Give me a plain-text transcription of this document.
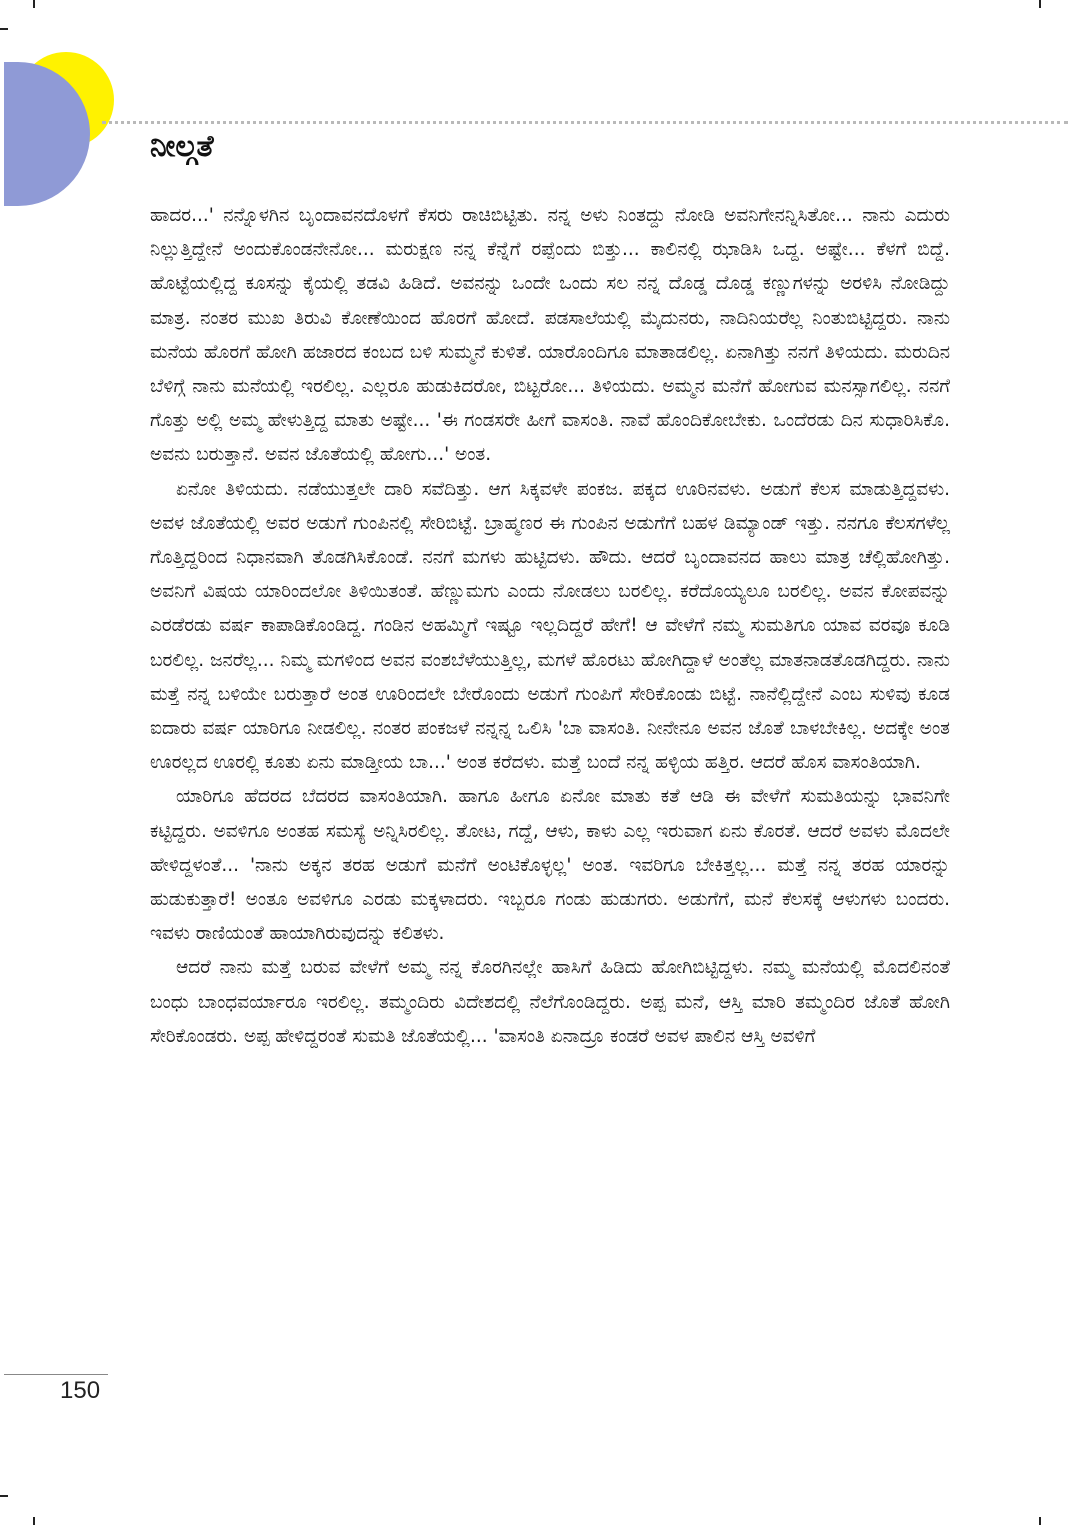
ನೀಲ್ಗತೆ

ಹಾದರ...' ನನ್ನೊಳಗಿನ ಬೃಂದಾವನದೊಳಗೆ ಕೆಸರು ರಾಚಿಬಿಟ್ಟಿತು. ನನ್ನ ಅಳು ನಿಂತದ್ದು ನೋಡಿ ಅವನಿಗೇನನ್ನಿಸಿತೋ... ನಾನು ಎದುರು ನಿಲ್ಲುತ್ತಿದ್ದೇನೆ ಅಂದುಕೊಂಡನೇನೋ... ಮರುಕ್ಷಣ ನನ್ನ ಕೆನ್ನೆಗೆ ರಪ್ಪೆಂದು ಬಿತ್ತು... ಕಾಲಿನಲ್ಲಿ ಝಾಡಿಸಿ ಒದ್ದ. ಅಷ್ಟೇ... ಕೆಳಗೆ ಬಿದ್ದೆ. ಹೊಟ್ಟೆಯಲ್ಲಿದ್ದ ಕೂಸನ್ನು ಕೈಯಲ್ಲಿ ತಡವಿ ಹಿಡಿದೆ. ಅವನನ್ನು ಒಂದೇ ಒಂದು ಸಲ ನನ್ನ ದೊಡ್ಡ ದೊಡ್ಡ ಕಣ್ಣುಗಳನ್ನು ಅರಳಿಸಿ ನೋಡಿದ್ದು ಮಾತ್ರ. ನಂತರ ಮುಖ ತಿರುವಿ ಕೋಣೆಯಿಂದ ಹೊರಗೆ ಹೋದೆ. ಪಡಸಾಲೆಯಲ್ಲಿ ಮೈದುನರು, ನಾದಿನಿಯರೆಲ್ಲ ನಿಂತುಬಿಟ್ಟಿದ್ದರು. ನಾನು ಮನೆಯ ಹೊರಗೆ ಹೋಗಿ ಹಜಾರದ ಕಂಬದ ಬಳಿ ಸುಮ್ಮನೆ ಕುಳಿತೆ. ಯಾರೊಂದಿಗೂ ಮಾತಾಡಲಿಲ್ಲ. ಏನಾಗಿತ್ತು ನನಗೆ ತಿಳಿಯದು. ಮರುದಿನ ಬೆಳಿಗ್ಗೆ ನಾನು ಮನೆಯಲ್ಲಿ ಇರಲಿಲ್ಲ. ಎಲ್ಲರೂ ಹುಡುಕಿದರೋ, ಬಿಟ್ಟರೋ... ತಿಳಿಯದು. ಅಮ್ಮನ ಮನೆಗೆ ಹೋಗುವ ಮನಸ್ಸಾಗಲಿಲ್ಲ. ನನಗೆ ಗೊತ್ತು ಅಲ್ಲಿ ಅಮ್ಮ ಹೇಳುತ್ತಿದ್ದ ಮಾತು ಅಷ್ಟೇ... 'ಈ ಗಂಡಸರೇ ಹೀಗೆ ವಾಸಂತಿ. ನಾವೆ ಹೊಂದಿಕೋಬೇಕು. ಒಂದೆರಡು ದಿನ ಸುಧಾರಿಸಿಕೊ. ಅವನು ಬರುತ್ತಾನೆ. ಅವನ ಜೊತೆಯಲ್ಲಿ ಹೋಗು...' ಅಂತ.

ಏನೋ ತಿಳಿಯದು. ನಡೆಯುತ್ತಲೇ ದಾರಿ ಸವೆದಿತ್ತು. ಆಗ ಸಿಕ್ಕವಳೇ ಪಂಕಜ. ಪಕ್ಕದ ಊರಿನವಳು. ಅಡುಗೆ ಕೆಲಸ ಮಾಡುತ್ತಿದ್ದವಳು. ಅವಳ ಜೊತೆಯಲ್ಲಿ ಅವರ ಅಡುಗೆ ಗುಂಪಿನಲ್ಲಿ ಸೇರಿಬಿಟ್ಟೆ. ಬ್ರಾಹ್ಮಣರ ಈ ಗುಂಪಿನ ಅಡುಗೆಗೆ ಬಹಳ ಡಿಮ್ಯಾಂಡ್ ಇತ್ತು. ನನಗೂ ಕೆಲಸಗಳೆಲ್ಲ ಗೊತ್ತಿದ್ದರಿಂದ ನಿಧಾನವಾಗಿ ತೊಡಗಿಸಿಕೊಂಡೆ. ನನಗೆ ಮಗಳು ಹುಟ್ಟಿದಳು. ಹೌದು. ಆದರೆ ಬೃಂದಾವನದ ಹಾಲು ಮಾತ್ರ ಚೆಲ್ಲಿಹೋಗಿತ್ತು. ಅವನಿಗೆ ವಿಷಯ ಯಾರಿಂದಲೋ ತಿಳಿಯಿತಂತೆ. ಹೆಣ್ಣುಮಗು ಎಂದು ನೋಡಲು ಬರಲಿಲ್ಲ. ಕರೆದೊಯ್ಯಲೂ ಬರಲಿಲ್ಲ. ಅವನ ಕೋಪವನ್ನು ಎರಡೆರಡು ವರ್ಷ ಕಾಪಾಡಿಕೊಂಡಿದ್ದ. ಗಂಡಿನ ಅಹಮ್ಮಿಗೆ ಇಷ್ಟೂ ಇಲ್ಲದಿದ್ದರೆ ಹೇಗೆ! ಆ ವೇಳೆಗೆ ನಮ್ಮ ಸುಮತಿಗೂ ಯಾವ ವರವೂ ಕೂಡಿ ಬರಲಿಲ್ಲ. ಜನರೆಲ್ಲ... ನಿಮ್ಮ ಮಗಳಿಂದ ಅವನ ವಂಶಬೆಳೆಯುತ್ತಿಲ್ಲ, ಮಗಳೆ ಹೊರಟು ಹೋಗಿದ್ದಾಳೆ ಅಂತೆಲ್ಲ ಮಾತನಾಡತೊಡಗಿದ್ದರು. ನಾನು ಮತ್ತೆ ನನ್ನ ಬಳಿಯೇ ಬರುತ್ತಾರೆ ಅಂತ ಊರಿಂದಲೇ ಬೇರೊಂದು ಅಡುಗೆ ಗುಂಪಿಗೆ ಸೇರಿಕೊಂಡು ಬಿಟ್ಟೆ. ನಾನೆಲ್ಲಿದ್ದೇನೆ ಎಂಬ ಸುಳಿವು ಕೂಡ ಐದಾರು ವರ್ಷ ಯಾರಿಗೂ ನೀಡಲಿಲ್ಲ. ನಂತರ ಪಂಕಜಳೆ ನನ್ನನ್ನ ಒಲಿಸಿ 'ಬಾ ವಾಸಂತಿ. ನೀನೇನೂ ಅವನ ಜೊತೆ ಬಾಳಬೇಕಿಲ್ಲ. ಅದಕ್ಕೇ ಅಂತ ಊರಲ್ಲದ ಊರಲ್ಲಿ ಕೂತು ಏನು ಮಾಡ್ತೀಯ ಬಾ...' ಅಂತ ಕರೆದಳು. ಮತ್ತೆ ಬಂದೆ ನನ್ನ ಹಳ್ಳಿಯ ಹತ್ತಿರ. ಆದರೆ ಹೊಸ ವಾಸಂತಿಯಾಗಿ.

ಯಾರಿಗೂ ಹೆದರದ ಬೆದರದ ವಾಸಂತಿಯಾಗಿ. ಹಾಗೂ ಹೀಗೂ ಏನೋ ಮಾತು ಕತೆ ಆಡಿ ಈ ವೇಳೆಗೆ ಸುಮತಿಯನ್ನು ಭಾವನಿಗೇ ಕಟ್ಟಿದ್ದರು. ಅವಳಿಗೂ ಅಂತಹ ಸಮಸ್ಯೆ ಅನ್ನಿಸಿರಲಿಲ್ಲ. ತೋಟ, ಗದ್ದೆ, ಆಳು, ಕಾಳು ಎಲ್ಲ ಇರುವಾಗ ಏನು ಕೊರತೆ. ಆದರೆ ಅವಳು ಮೊದಲೇ ಹೇಳಿದ್ದಳಂತೆ... 'ನಾನು ಅಕ್ಕನ ತರಹ ಅಡುಗೆ ಮನೆಗೆ ಅಂಟಿಕೊಳ್ಳಲ್ಲ' ಅಂತ. ಇವರಿಗೂ ಬೇಕಿತ್ತಲ್ಲ... ಮತ್ತೆ ನನ್ನ ತರಹ ಯಾರನ್ನು ಹುಡುಕುತ್ತಾರೆ! ಅಂತೂ ಅವಳಿಗೂ ಎರಡು ಮಕ್ಕಳಾದರು. ಇಬ್ಬರೂ ಗಂಡು ಹುಡುಗರು. ಅಡುಗೆಗೆ, ಮನೆ ಕೆಲಸಕ್ಕೆ ಆಳುಗಳು ಬಂದರು. ಇವಳು ರಾಣಿಯಂತೆ ಹಾಯಾಗಿರುವುದನ್ನು ಕಲಿತಳು.

ಆದರೆ ನಾನು ಮತ್ತೆ ಬರುವ ವೇಳೆಗೆ ಅಮ್ಮ ನನ್ನ ಕೊರಗಿನಲ್ಲೇ ಹಾಸಿಗೆ ಹಿಡಿದು ಹೋಗಿಬಿಟ್ಟಿದ್ದಳು. ನಮ್ಮ ಮನೆಯಲ್ಲಿ ಮೊದಲಿನಂತೆ ಬಂಧು ಬಾಂಧವರ್ಯಾರೂ ಇರಲಿಲ್ಲ. ತಮ್ಮಂದಿರು ವಿದೇಶದಲ್ಲಿ ನೆಲೆಗೊಂಡಿದ್ದರು. ಅಪ್ಪ ಮನೆ, ಆಸ್ತಿ ಮಾರಿ ತಮ್ಮಂದಿರ ಜೊತೆ ಹೋಗಿ ಸೇರಿಕೊಂಡರು. ಅಪ್ಪ ಹೇಳಿದ್ದರಂತೆ ಸುಮತಿ ಜೊತೆಯಲ್ಲಿ... 'ವಾಸಂತಿ ಏನಾದ್ರೂ ಕಂಡರೆ ಅವಳ ಪಾಲಿನ ಆಸ್ತಿ ಅವಳಿಗೆ

150
